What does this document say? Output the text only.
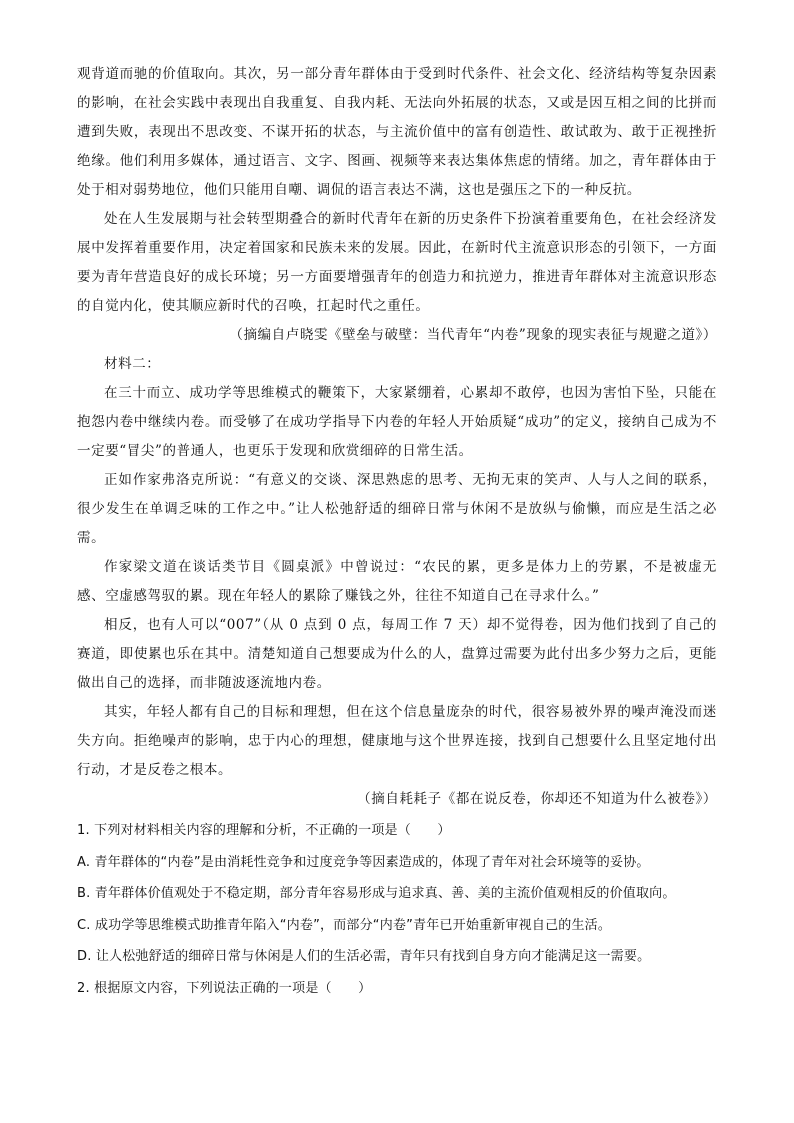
观背道而驰的价值取向。其次，另一部分青年群体由于受到时代条件、社会文化、经济结构等复杂因素的影响，在社会实践中表现出自我重复、自我内耗、无法向外拓展的状态，又或是因互相之间的比拼而遭到失败，表现出不思改变、不谋开拓的状态，与主流价值中的富有创造性、敢试敢为、敢于正视挫折绝缘。他们利用多媒体，通过语言、文字、图画、视频等来表达集体焦虑的情绪。加之，青年群体由于处于相对弱势地位，他们只能用自嘲、调侃的语言表达不满，这也是强压之下的一种反抗。

处在人生发展期与社会转型期叠合的新时代青年在新的历史条件下扮演着重要角色，在社会经济发展中发挥着重要作用，决定着国家和民族未来的发展。因此，在新时代主流意识形态的引领下，一方面要为青年营造良好的成长环境；另一方面要增强青年的创造力和抗逆力，推进青年群体对主流意识形态的自觉内化，使其顺应新时代的召唤，扛起时代之重任。

（摘编自卢晓雯《壁垒与破壁：当代青年“内卷”现象的现实表征与规避之道》）

材料二：

在三十而立、成功学等思维模式的鞭策下，大家紧绷着，心累却不敢停，也因为害怕下坠，只能在抱怨内卷中继续内卷。而受够了在成功学指导下内卷的年轻人开始质疑“成功”的定义，接纳自己成为不一定要“冒尖”的普通人，也更乐于发现和欣赏细碎的日常生活。

正如作家弗洛克所说：“有意义的交谈、深思熟虑的思考、无拘无束的笑声、人与人之间的联系，很少发生在单调乏味的工作之中。”让人松弛舒适的细碎日常与休闲不是放纵与偷懒，而应是生活之必需。

作家梁文道在谈话类节目《圆桌派》中曾说过：“农民的累，更多是体力上的劳累，不是被虚无感、空虚感驾驭的累。现在年轻人的累除了赚钱之外，往往不知道自己在寻求什么。”

相反，也有人可以“007”（从 0 点到 0 点，每周工作 7 天）却不觉得卷，因为他们找到了自己的赛道，即使累也乐在其中。清楚知道自己想要成为什么的人，盘算过需要为此付出多少努力之后，更能做出自己的选择，而非随波逐流地内卷。

其实，年轻人都有自己的目标和理想，但在这个信息量庞杂的时代，很容易被外界的噪声淹没而迷失方向。拒绝噪声的影响，忠于内心的理想，健康地与这个世界连接，找到自己想要什么且坚定地付出行动，才是反卷之根本。

（摘自耗耗子《都在说反卷，你却还不知道为什么被卷》）

1. 下列对材料相关内容的理解和分析，不正确的一项是（　　）

A. 青年群体的“内卷”是由消耗性竞争和过度竞争等因素造成的，体现了青年对社会环境等的妥协。

B. 青年群体价值观处于不稳定期，部分青年容易形成与追求真、善、美的主流价值观相反的价值取向。

C. 成功学等思维模式助推青年陷入“内卷”，而部分“内卷”青年已开始重新审视自己的生活。

D. 让人松弛舒适的细碎日常与休闲是人们的生活必需，青年只有找到自身方向才能满足这一需要。

2. 根据原文内容，下列说法正确的一项是（　　）
